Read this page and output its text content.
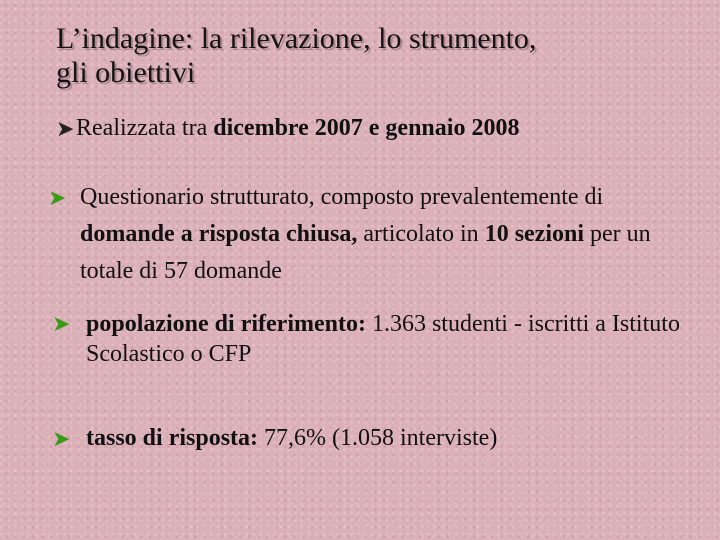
L’indagine: la rilevazione, lo strumento,
gli obiettivi
➤ Realizzata tra dicembre 2007 e gennaio 2008
➤ Questionario strutturato, composto prevalentemente di domande a risposta chiusa, articolato in 10 sezioni per un totale di 57 domande
➤ popolazione di riferimento: 1.363 studenti - iscritti a Istituto Scolastico o CFP
➤ tasso di risposta: 77,6% (1.058 interviste)
